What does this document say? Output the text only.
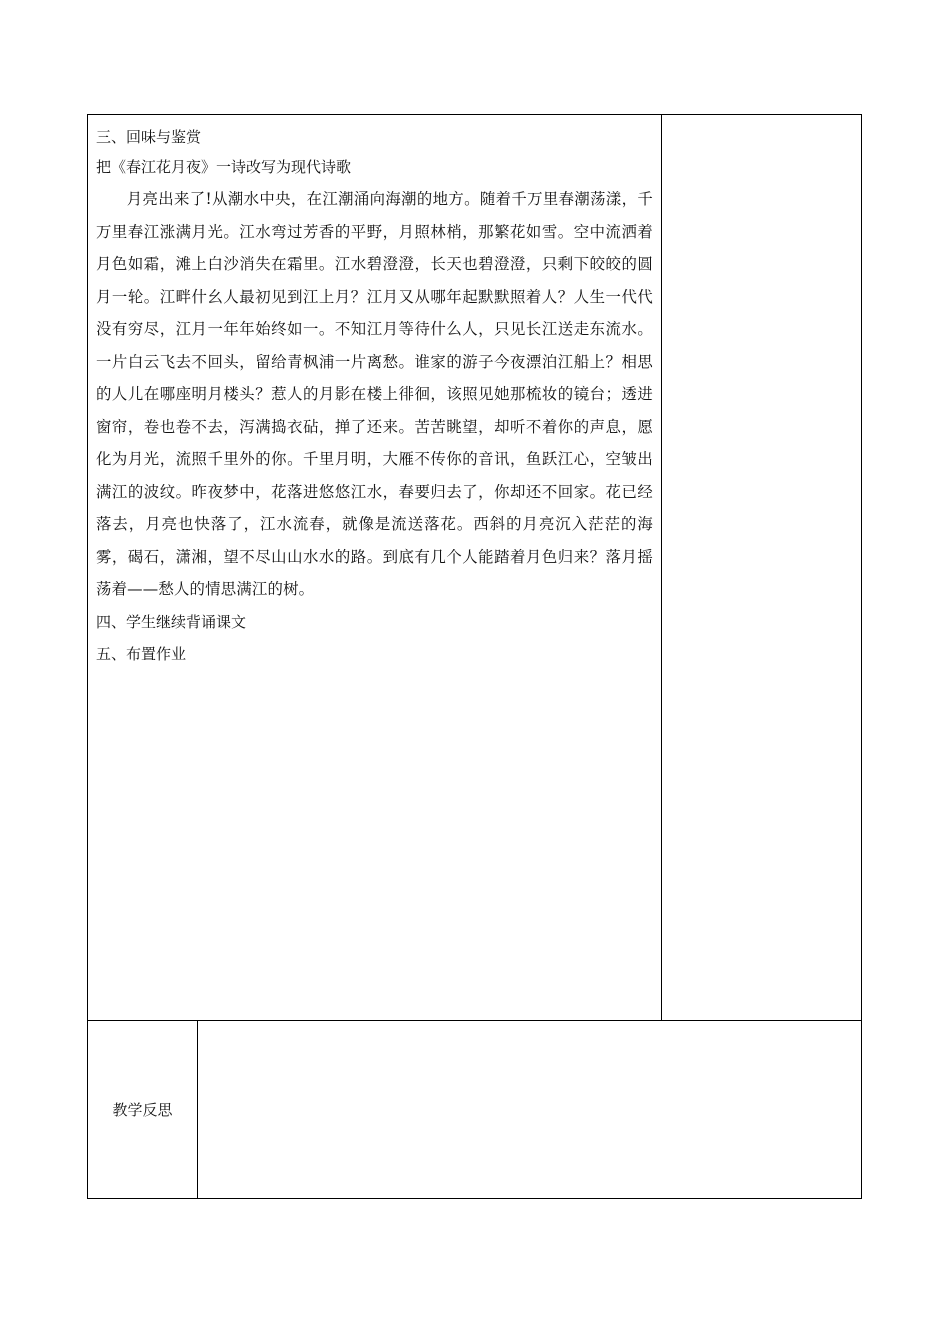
三、回味与鉴赏

把《春江花月夜》一诗改写为现代诗歌

月亮出来了!从潮水中央，在江潮涌向海潮的地方。随着千万里春潮荡漾，千万里春江涨满月光。江水弯过芳香的平野，月照林梢，那繁花如雪。空中流洒着月色如霜，滩上白沙消失在霜里。江水碧澄澄，长天也碧澄澄，只剩下皎皎的圆月一轮。江畔什幺人最初见到江上月？江月又从哪年起默默照着人？人生一代代没有穷尽，江月一年年始终如一。不知江月等待什么人，只见长江送走东流水。一片白云飞去不回头，留给青枫浦一片离愁。谁家的游子今夜漂泊江船上？相思的人儿在哪座明月楼头？惹人的月影在楼上徘徊，该照见她那梳妆的镜台；透进窗帘，卷也卷不去，泻满捣衣砧，掸了还来。苦苦眺望，却听不着你的声息，愿化为月光，流照千里外的你。千里月明，大雁不传你的音讯，鱼跃江心，空皱出满江的波纹。昨夜梦中，花落进悠悠江水，春要归去了，你却还不回家。花已经落去，月亮也快落了，江水流春，就像是流送落花。西斜的月亮沉入茫茫的海雾，碣石，潇湘，望不尽山山水水的路。到底有几个人能踏着月色归来？落月摇荡着——愁人的情思满江的树。

四、学生继续背诵课文

五、布置作业

教学反思
